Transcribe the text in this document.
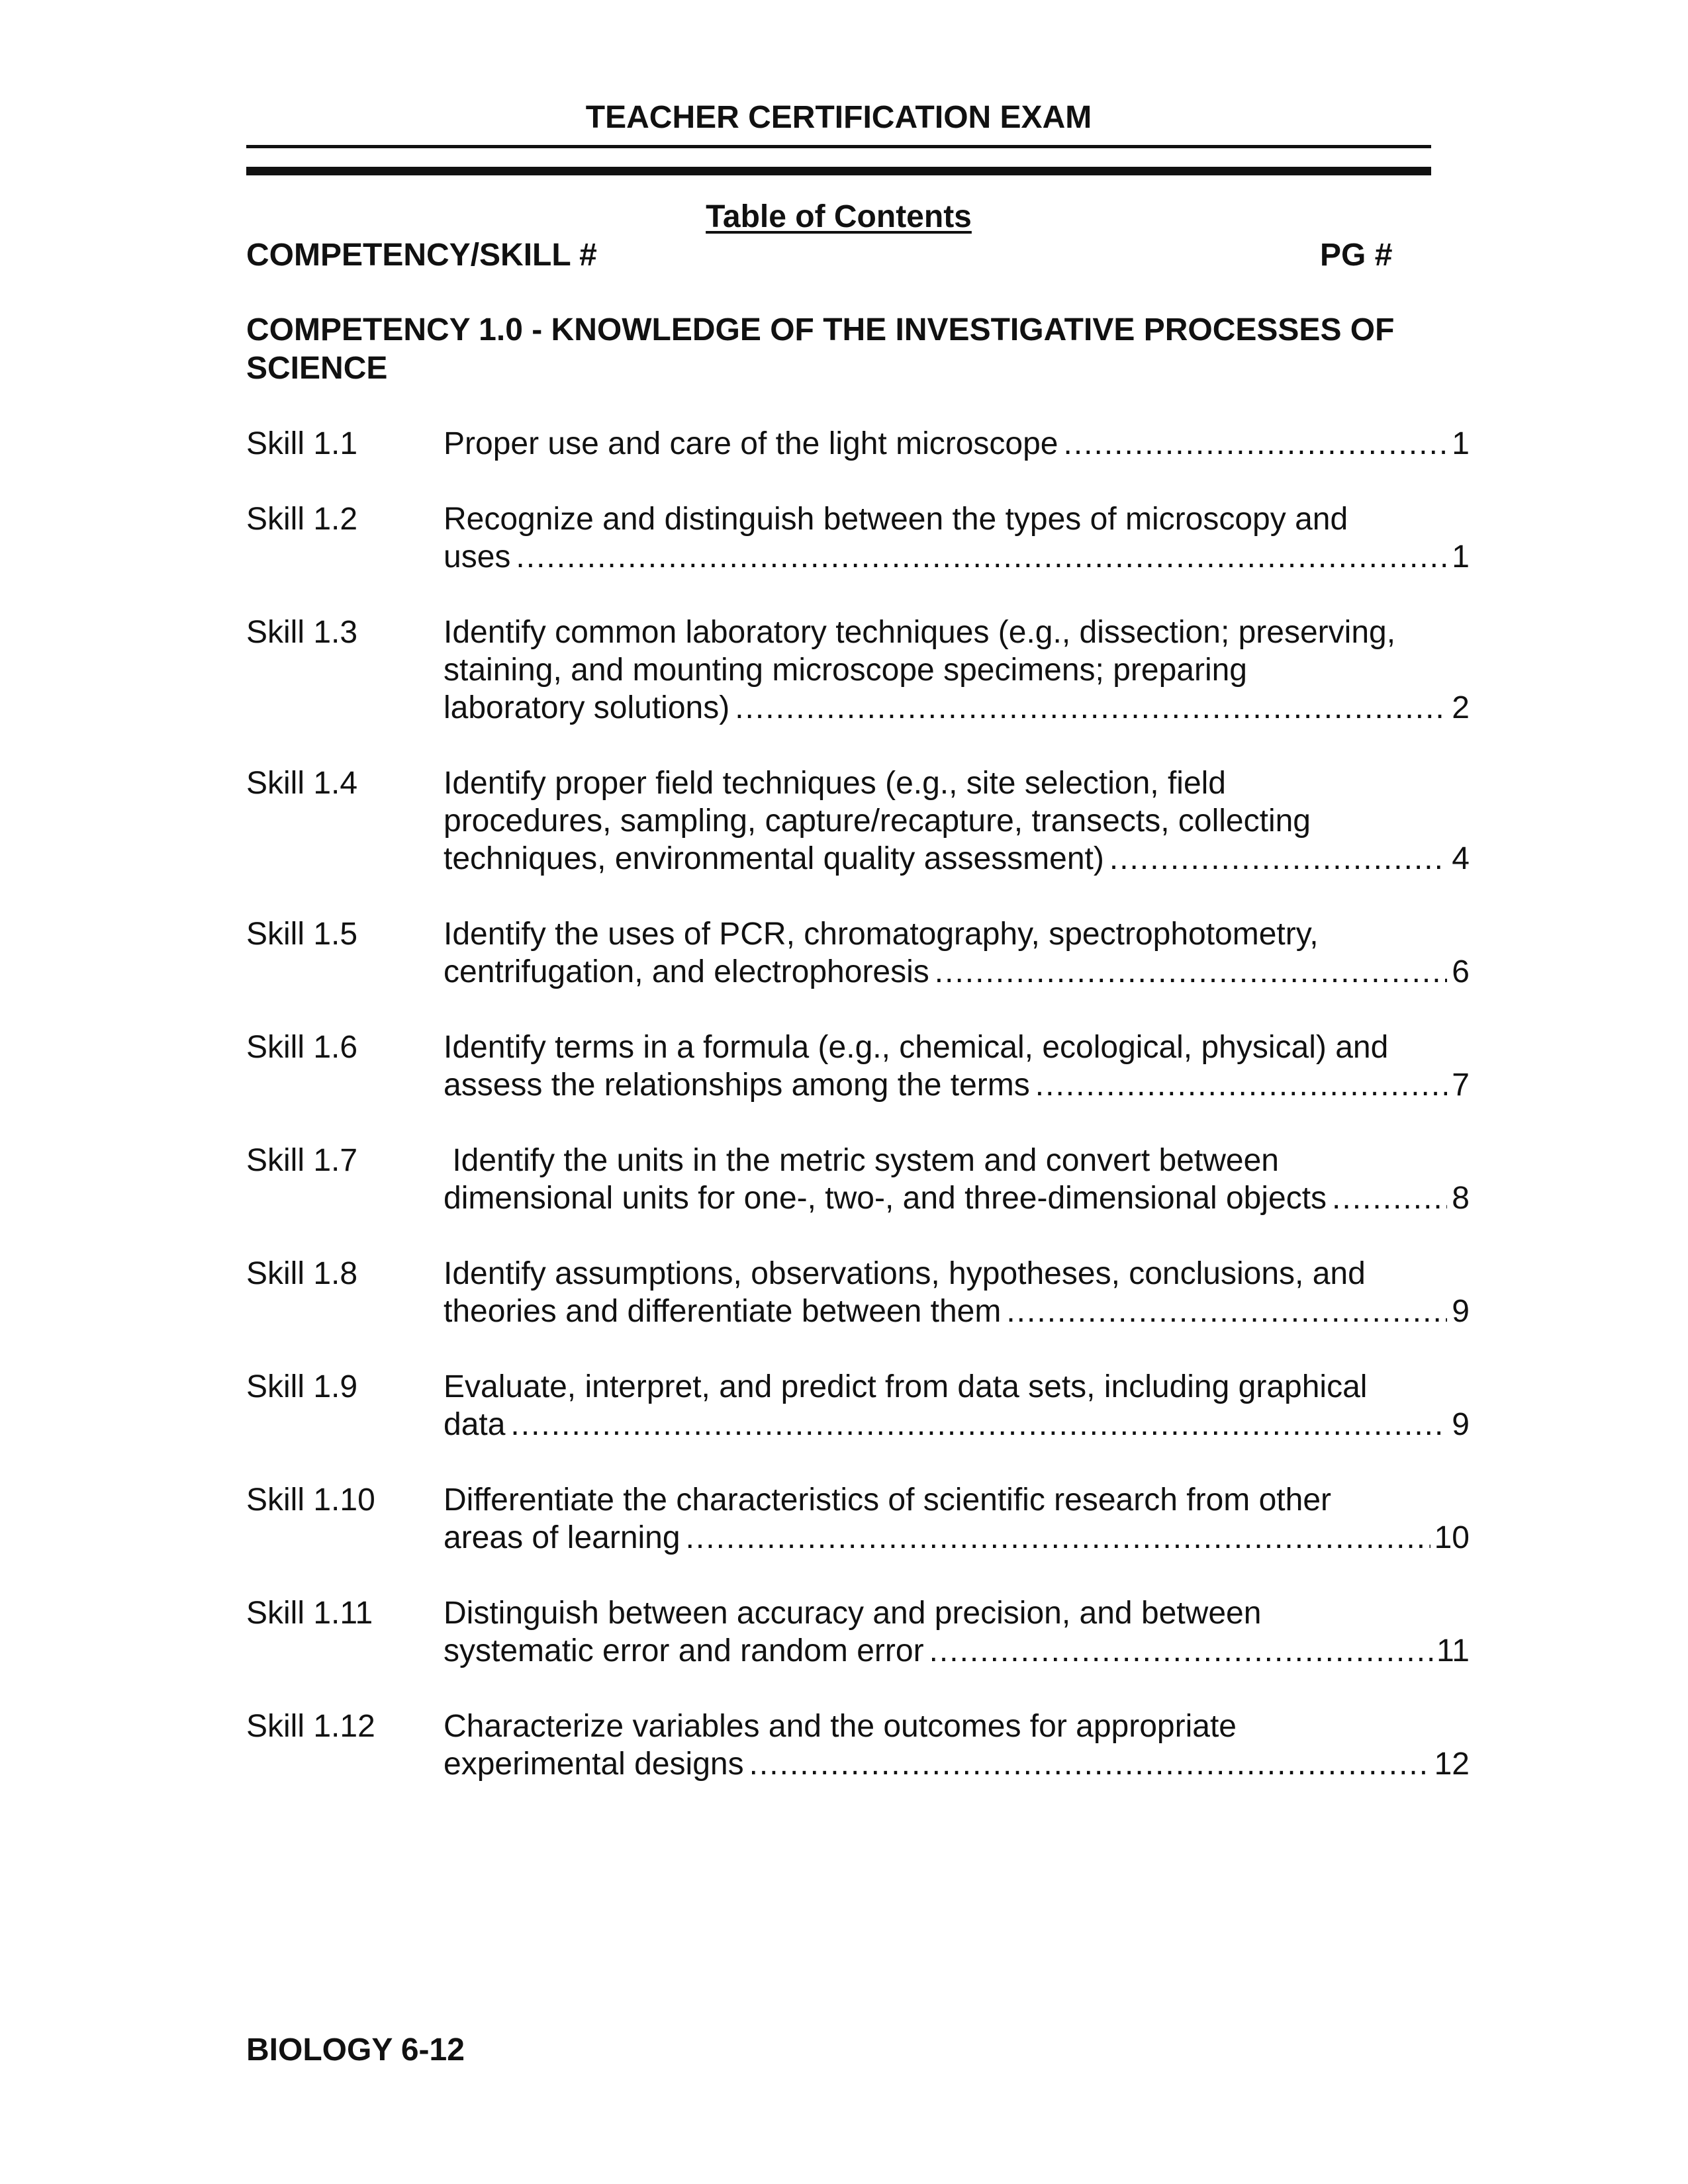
TEACHER CERTIFICATION EXAM
Table of Contents
COMPETENCY/SKILL #	PG #
COMPETENCY 1.0 - KNOWLEDGE OF THE INVESTIGATIVE PROCESSES OF SCIENCE
Skill 1.1	Proper use and care of the light microscope .....	1
Skill 1.2	Recognize and distinguish between the types of microscopy and
uses .....	1
Skill 1.3	Identify common laboratory techniques (e.g., dissection; preserving,
staining, and mounting microscope specimens; preparing
laboratory solutions) .....	2
Skill 1.4	Identify proper field techniques (e.g., site selection, field
procedures, sampling, capture/recapture, transects, collecting
techniques, environmental quality assessment) .....	4
Skill 1.5	Identify the uses of PCR, chromatography, spectrophotometry,
centrifugation, and electrophoresis .....	6
Skill 1.6	Identify terms in a formula (e.g., chemical, ecological, physical) and
assess the relationships among the terms .....	7
Skill 1.7	Identify the units in the metric system and convert between
dimensional units for one-, two-, and three-dimensional objects .....	8
Skill 1.8	Identify assumptions, observations, hypotheses, conclusions, and
theories and differentiate between them .....	9
Skill 1.9	Evaluate, interpret, and predict from data sets, including graphical
data .....	9
Skill 1.10	Differentiate the characteristics of scientific research from other
areas of learning .....	10
Skill 1.11	Distinguish between accuracy and precision, and between
systematic error and random error .....	11
Skill 1.12	Characterize variables and the outcomes for appropriate
experimental designs .....	12
BIOLOGY 6-12
